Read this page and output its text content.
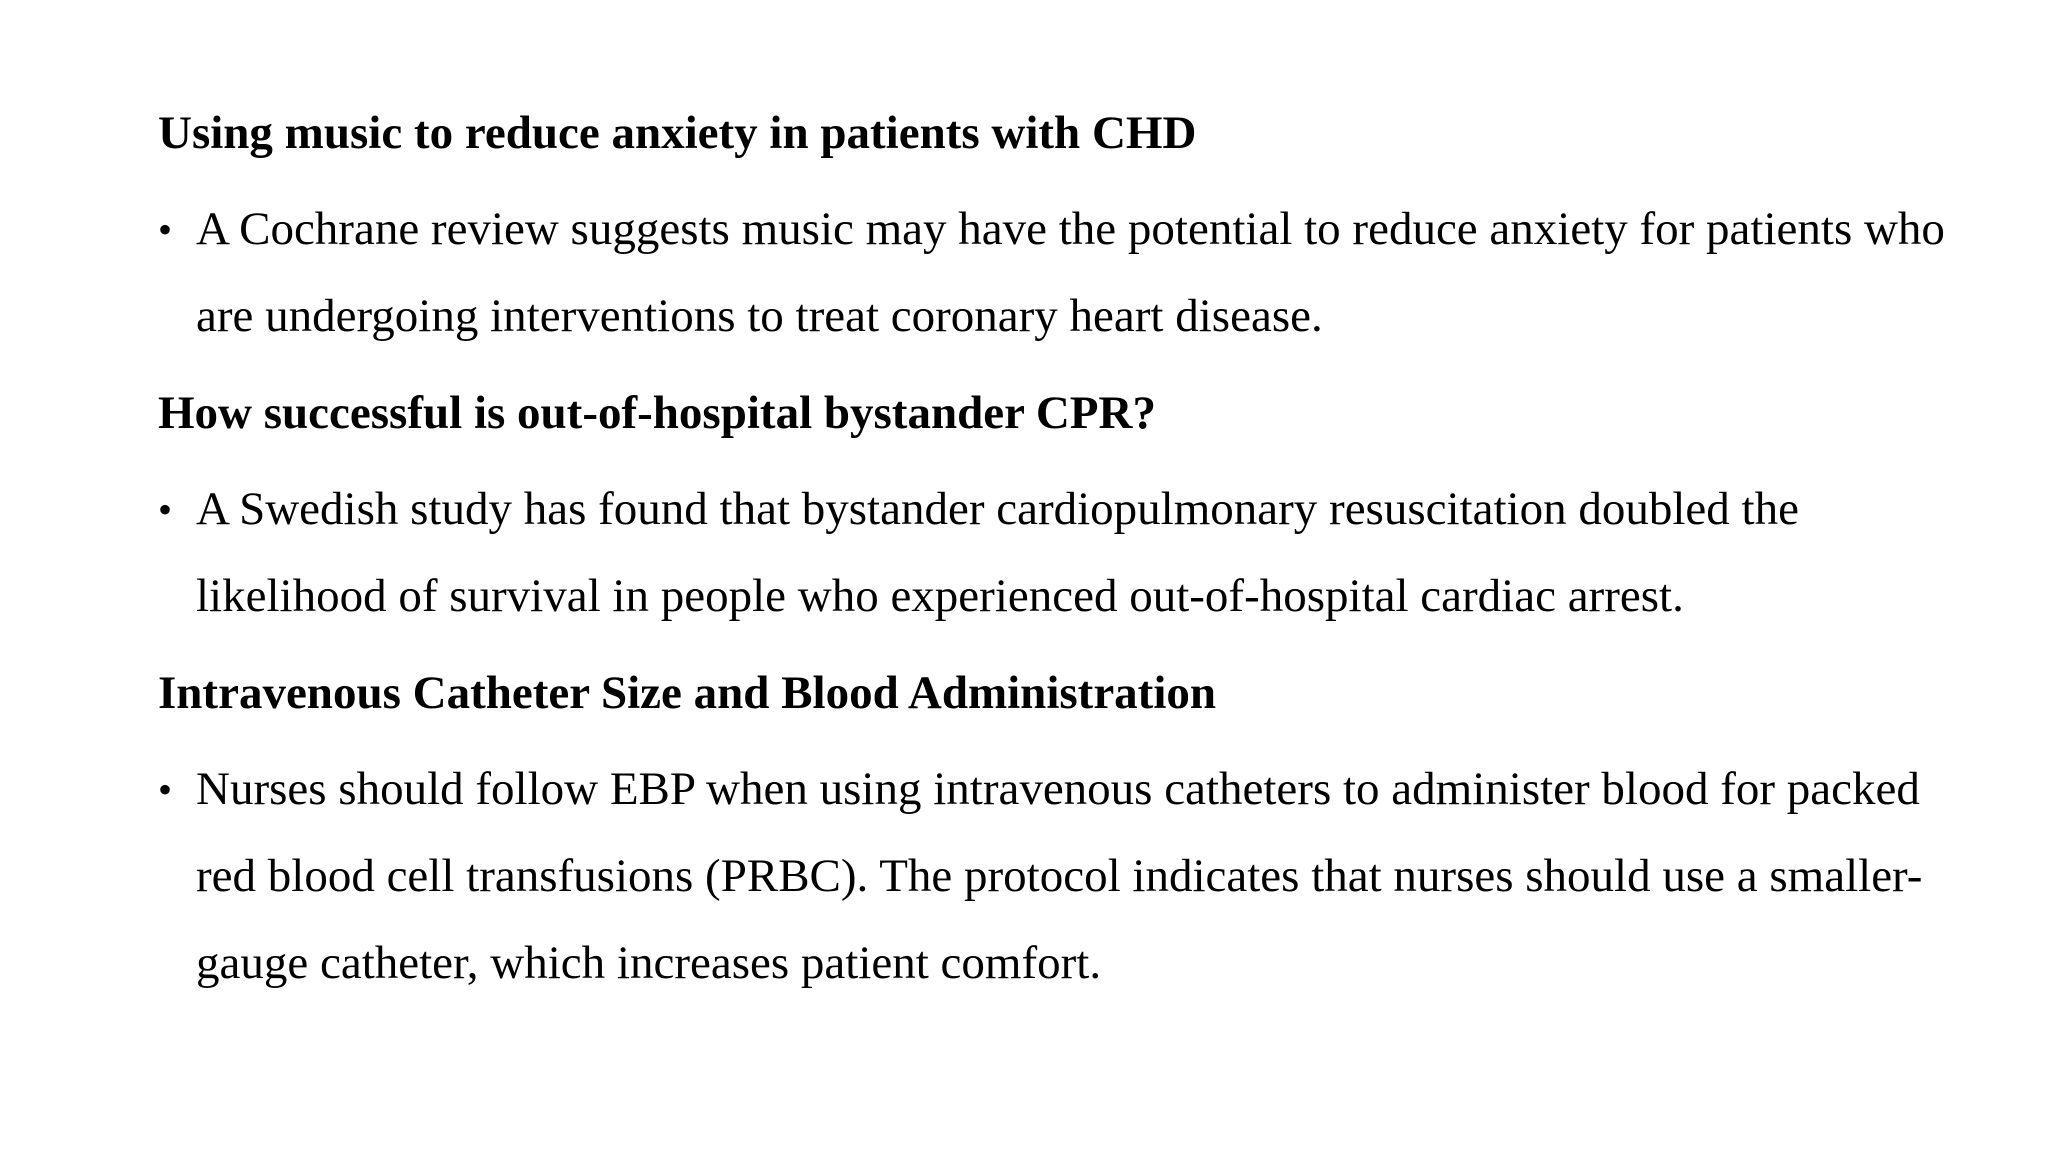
Using music to reduce anxiety in patients with CHD
• A Cochrane review suggests music may have the potential to reduce anxiety for patients who are undergoing interventions to treat coronary heart disease.
How successful is out-of-hospital bystander CPR?
• A Swedish study has found that bystander cardiopulmonary resuscitation doubled the likelihood of survival in people who experienced out-of-hospital cardiac arrest.
Intravenous Catheter Size and Blood Administration
• Nurses should follow EBP when using intravenous catheters to administer blood for packed red blood cell transfusions (PRBC). The protocol indicates that nurses should use a smaller-gauge catheter, which increases patient comfort.
